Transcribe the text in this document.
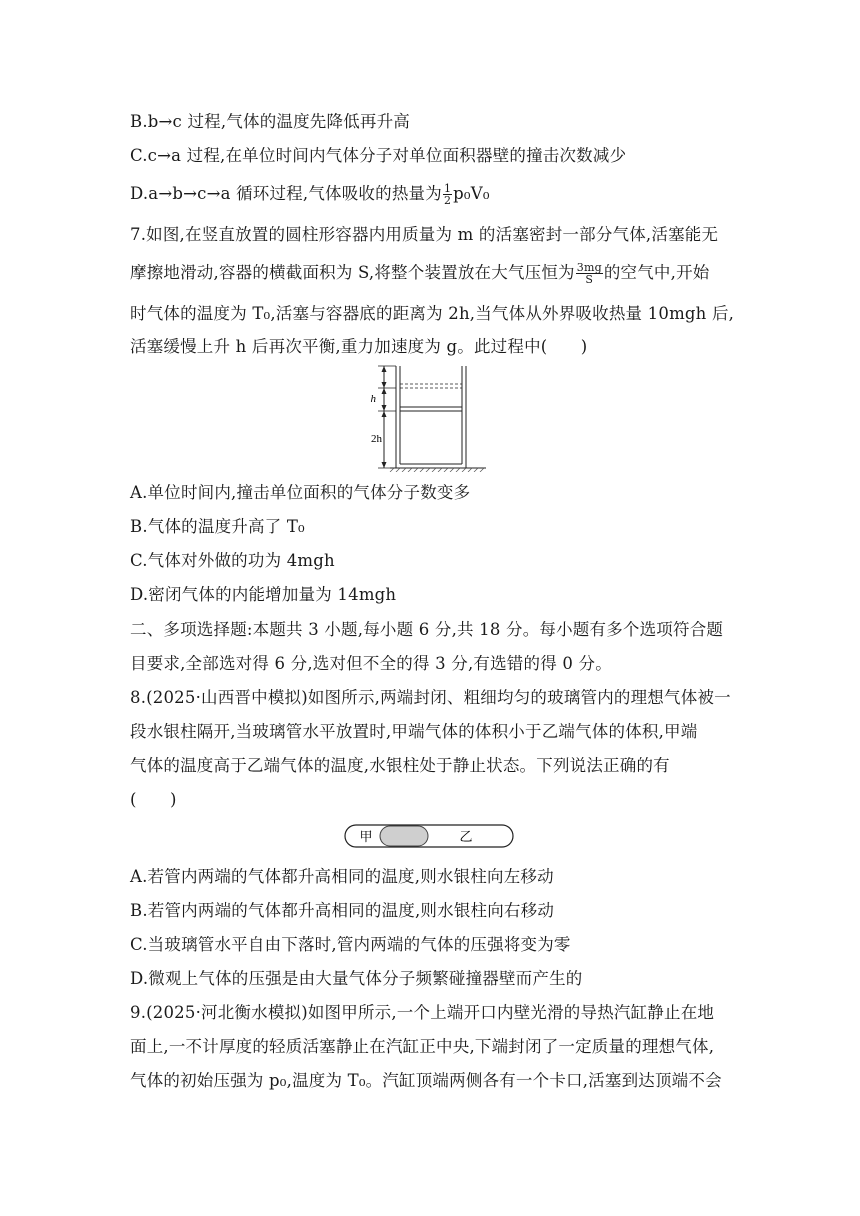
B.b→c 过程,气体的温度先降低再升高
C.c→a 过程,在单位时间内气体分子对单位面积器壁的撞击次数减少
D.a→b→c→a 循环过程,气体吸收的热量为 $\frac{1}{2} p_0V_0$
7.如图,在竖直放置的圆柱形容器内用质量为 m 的活塞密封一部分气体,活塞能无
摩擦地滑动,容器的横截面积为 S,将整个装置放在大气压恒为 $\frac{3mg}{S}$ 的空气中,开始
时气体的温度为 T₀,活塞与容器底的距离为 2h,当气体从外界吸收热量 10mgh 后,
活塞缓慢上升 h 后再次平衡,重力加速度为 g。此过程中(　　)
h
2h
A.单位时间内,撞击单位面积的气体分子数变多
B.气体的温度升高了 T₀
C.气体对外做的功为 4mgh
D.密闭气体的内能增加量为 14mgh
二、多项选择题:本题共 3 小题,每小题 6 分,共 18 分。每小题有多个选项符合题
目要求,全部选对得 6 分,选对但不全的得 3 分,有选错的得 0 分。
8.(2025·山西晋中模拟)如图所示,两端封闭、粗细均匀的玻璃管内的理想气体被一
段水银柱隔开,当玻璃管水平放置时,甲端气体的体积小于乙端气体的体积,甲端
气体的温度高于乙端气体的温度,水银柱处于静止状态。下列说法正确的有
(　　)
甲	乙
A.若管内两端的气体都升高相同的温度,则水银柱向左移动
B.若管内两端的气体都升高相同的温度,则水银柱向右移动
C.当玻璃管水平自由下落时,管内两端的气体的压强将变为零
D.微观上气体的压强是由大量气体分子频繁碰撞器壁而产生的
9.(2025·河北衡水模拟)如图甲所示,一个上端开口内壁光滑的导热汽缸静止在地
面上,一不计厚度的轻质活塞静止在汽缸正中央,下端封闭了一定质量的理想气体,
气体的初始压强为 p₀,温度为 T₀。汽缸顶端两侧各有一个卡口,活塞到达顶端不会
